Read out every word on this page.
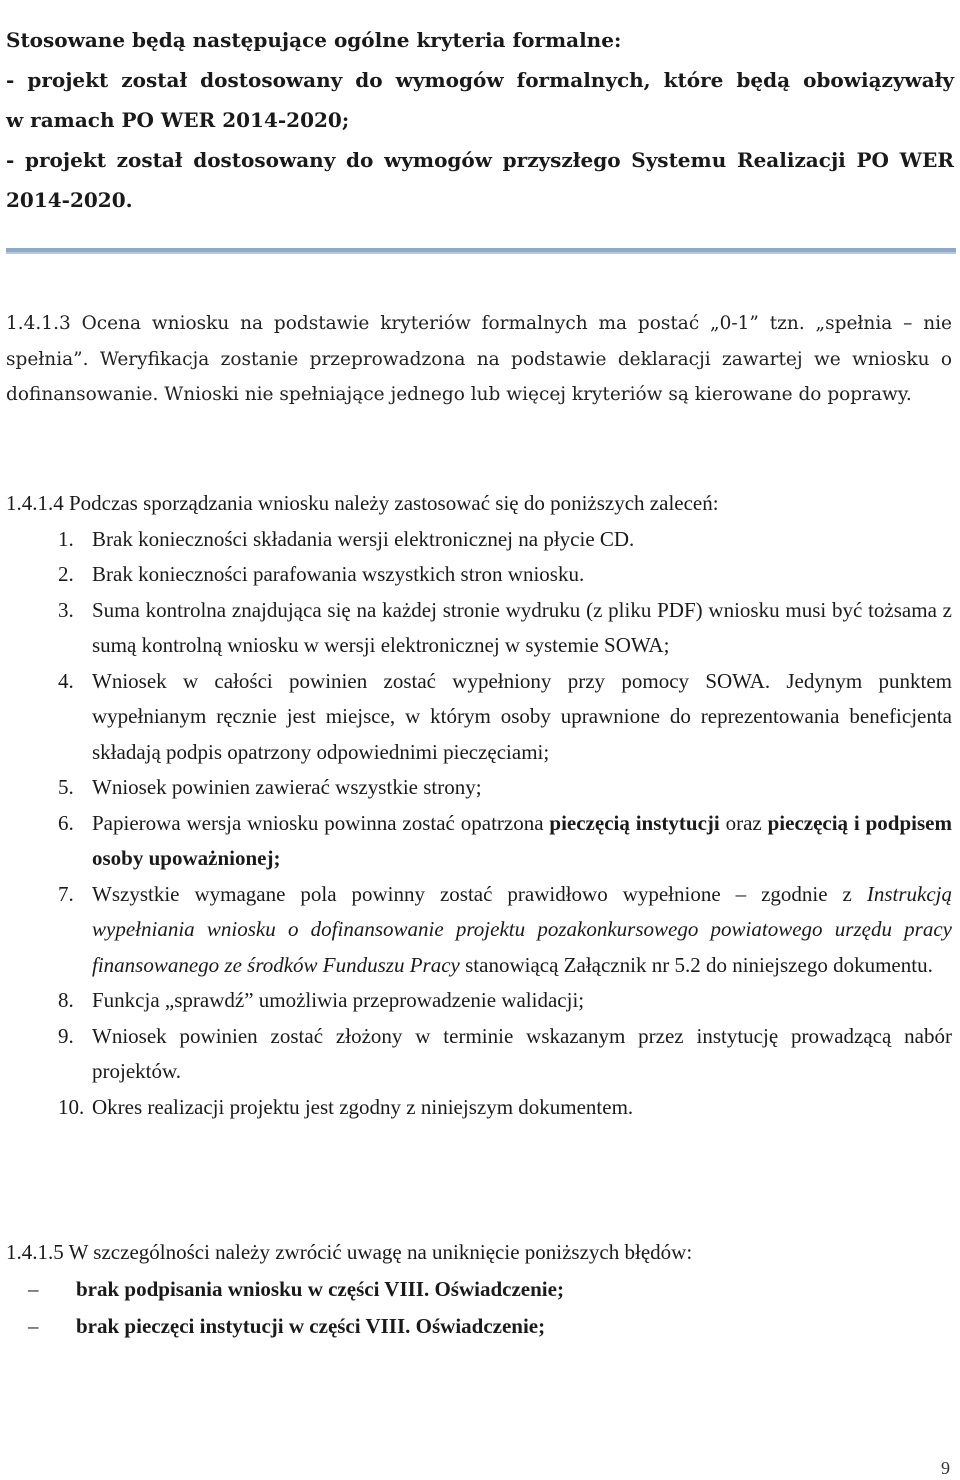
Stosowane będą następujące ogólne kryteria formalne:

- projekt został dostosowany do wymogów formalnych, które będą obowiązywały

w ramach PO WER 2014-2020;

- projekt został dostosowany do wymogów przyszłego Systemu Realizacji PO WER

2014-2020.

1.4.1.3 Ocena wniosku na podstawie kryteriów formalnych ma postać „0-1” tzn. „spełnia – nie spełnia”. Weryfikacja zostanie przeprowadzona na podstawie deklaracji zawartej we wniosku o dofinansowanie. Wnioski nie spełniające jednego lub więcej kryteriów są kierowane do poprawy.

1.4.1.4 Podczas sporządzania wniosku należy zastosować się do poniższych zaleceń:

1. Brak konieczności składania wersji elektronicznej na płycie CD.
2. Brak konieczności parafowania wszystkich stron wniosku.
3. Suma kontrolna znajdująca się na każdej stronie wydruku (z pliku PDF) wniosku musi być tożsama z sumą kontrolną wniosku w wersji elektronicznej w systemie SOWA;
4. Wniosek w całości powinien zostać wypełniony przy pomocy SOWA. Jedynym punktem wypełnianym ręcznie jest miejsce, w którym osoby uprawnione do reprezentowania beneficjenta składają podpis opatrzony odpowiednimi pieczęciami;
5. Wniosek powinien zawierać wszystkie strony;
6. Papierowa wersja wniosku powinna zostać opatrzona pieczęcią instytucji oraz pieczęcią i podpisem osoby upoważnionej;
7. Wszystkie wymagane pola powinny zostać prawidłowo wypełnione – zgodnie z Instrukcją wypełniania wniosku o dofinansowanie projektu pozakonkursowego powiatowego urzędu pracy finansowanego ze środków Funduszu Pracy stanowiącą Załącznik nr 5.2 do niniejszego dokumentu.
8. Funkcja „sprawdź” umożliwia przeprowadzenie walidacji;
9. Wniosek powinien zostać złożony w terminie wskazanym przez instytucję prowadzącą nabór projektów.
10. Okres realizacji projektu jest zgodny z niniejszym dokumentem.

1.4.1.5 W szczególności należy zwrócić uwagę na uniknięcie poniższych błędów:

– brak podpisania wniosku w części VIII. Oświadczenie;
– brak pieczęci instytucji w części VIII. Oświadczenie;
9
